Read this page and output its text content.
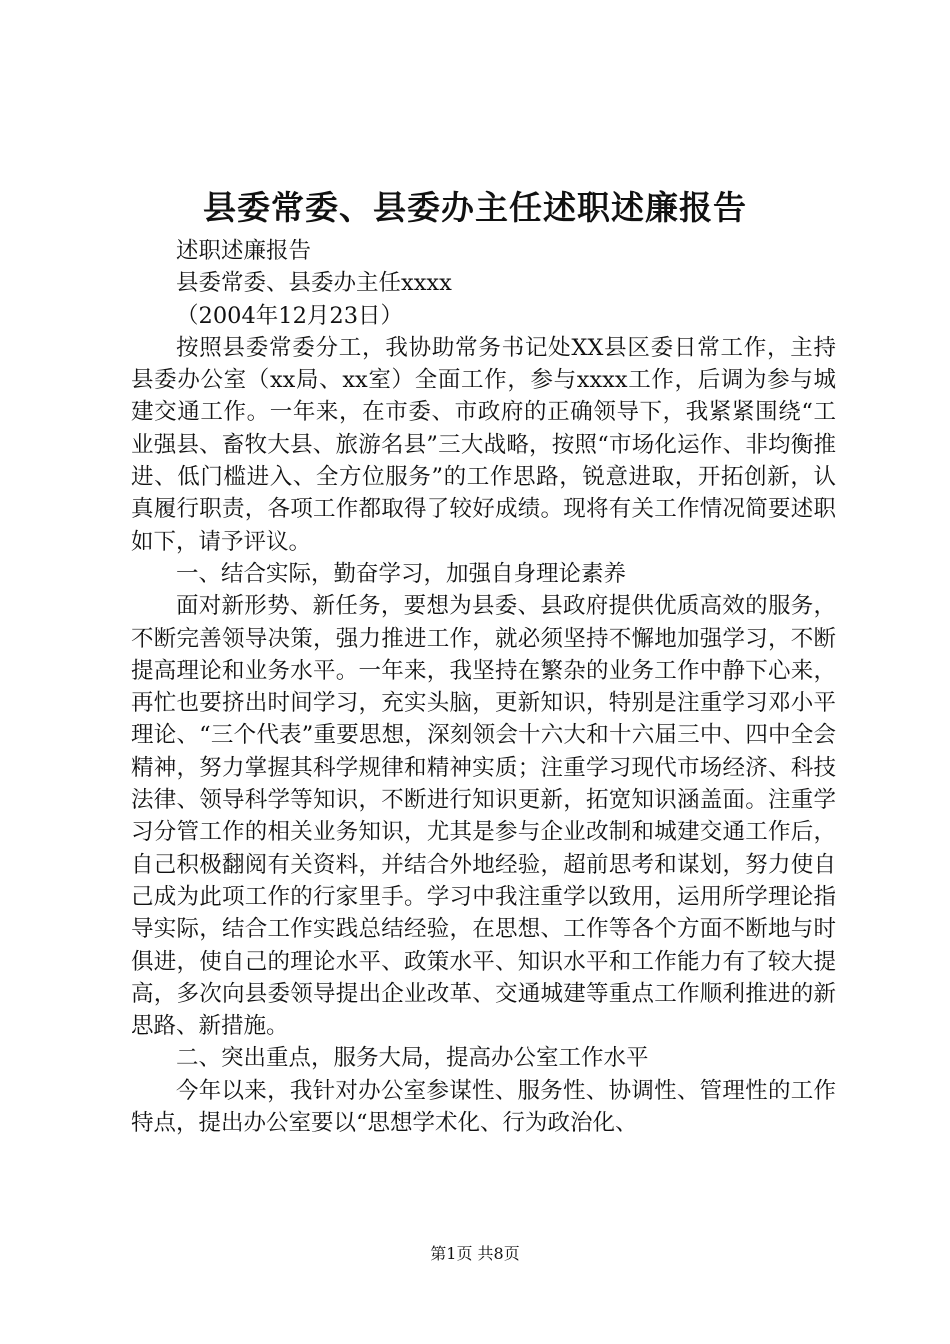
县委常委、县委办主任述职述廉报告

述职述廉报告

县委常委、县委办主任xxxx

（2004年12月23日）

按照县委常委分工，我协助常务书记处XX县区委日常工作，主持县委办公室（xx局、xx室）全面工作，参与xxxx工作，后调为参与城建交通工作。一年来，在市委、市政府的正确领导下，我紧紧围绕“工业强县、畜牧大县、旅游名县”三大战略，按照“市场化运作、非均衡推进、低门槛进入、全方位服务”的工作思路，锐意进取，开拓创新，认真履行职责，各项工作都取得了较好成绩。现将有关工作情况简要述职如下，请予评议。

一、结合实际，勤奋学习，加强自身理论素养

面对新形势、新任务，要想为县委、县政府提供优质高效的服务，不断完善领导决策，强力推进工作，就必须坚持不懈地加强学习，不断提高理论和业务水平。一年来，我坚持在繁杂的业务工作中静下心来，再忙也要挤出时间学习，充实头脑，更新知识，特别是注重学习邓小平理论、“三个代表”重要思想，深刻领会十六大和十六届三中、四中全会精神，努力掌握其科学规律和精神实质；注重学习现代市场经济、科技法律、领导科学等知识，不断进行知识更新，拓宽知识涵盖面。注重学习分管工作的相关业务知识，尤其是参与企业改制和城建交通工作后，自己积极翻阅有关资料，并结合外地经验，超前思考和谋划，努力使自己成为此项工作的行家里手。学习中我注重学以致用，运用所学理论指导实际，结合工作实践总结经验，在思想、工作等各个方面不断地与时俱进，使自己的理论水平、政策水平、知识水平和工作能力有了较大提高，多次向县委领导提出企业改革、交通城建等重点工作顺利推进的新思路、新措施。

二、突出重点，服务大局，提高办公室工作水平

今年以来，我针对办公室参谋性、服务性、协调性、管理性的工作特点，提出办公室要以“思想学术化、行为政治化、

第1页 共8页
